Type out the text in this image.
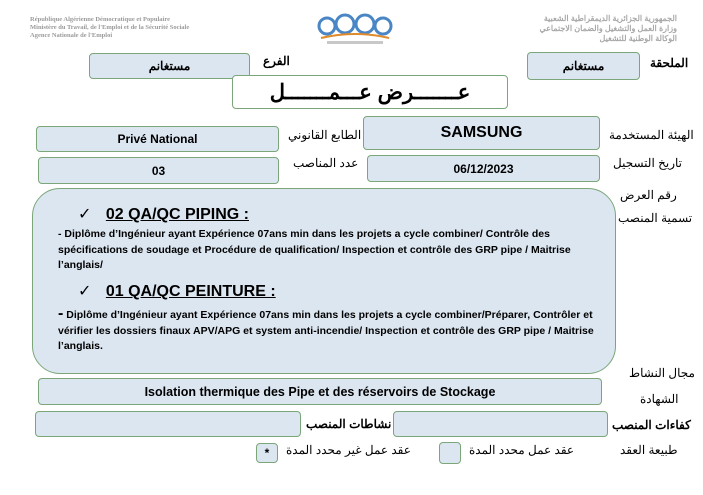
République Algérienne Démocratique et Populaire
Ministère du Travail, de l'Emploi et de la Sécurité Sociale
Agence Nationale de l'Emploi
الجمهورية الجزائرية الديمقراطية الشعبية
وزارة العمل والتشغيل والضمان الاجتماعي
الوكالة الوطنية للتشغيل
الملحقة
مستغانم
الفرع
مستغانم
عـــــــرض عـــمـــــــل
الهيئة المستخدمة
SAMSUNG
الطابع القانوني
Privé National
تاريخ التسجيل
06/12/2023
عدد المناصب
03
رقم العرض
تسمية المنصب
✓ 02 QA/QC PIPING :
- Diplôme d’Ingénieur ayant Expérience 07ans min dans les projets a cycle combiner/ Contrôle des spécifications de soudage et Procédure de qualification/ Inspection et contrôle des GRP pipe / Maitrise l’anglais/
✓ 01 QA/QC PEINTURE :
- Diplôme d’Ingénieur ayant Expérience 07ans min dans les projets a cycle combiner/Préparer, Contrôler et vérifier les dossiers finaux APV/APG et system anti-incendie/ Inspection et contrôle des GRP pipe / Maitrise l’anglais.
مجال النشاط
Isolation thermique des Pipe et des réservoirs de Stockage
الشهادة
كفاءات المنصب
نشاطات المنصب
طبيعة العقد
عقد عمل محدد المدة
عقد عمل غير محدد المدة
*
